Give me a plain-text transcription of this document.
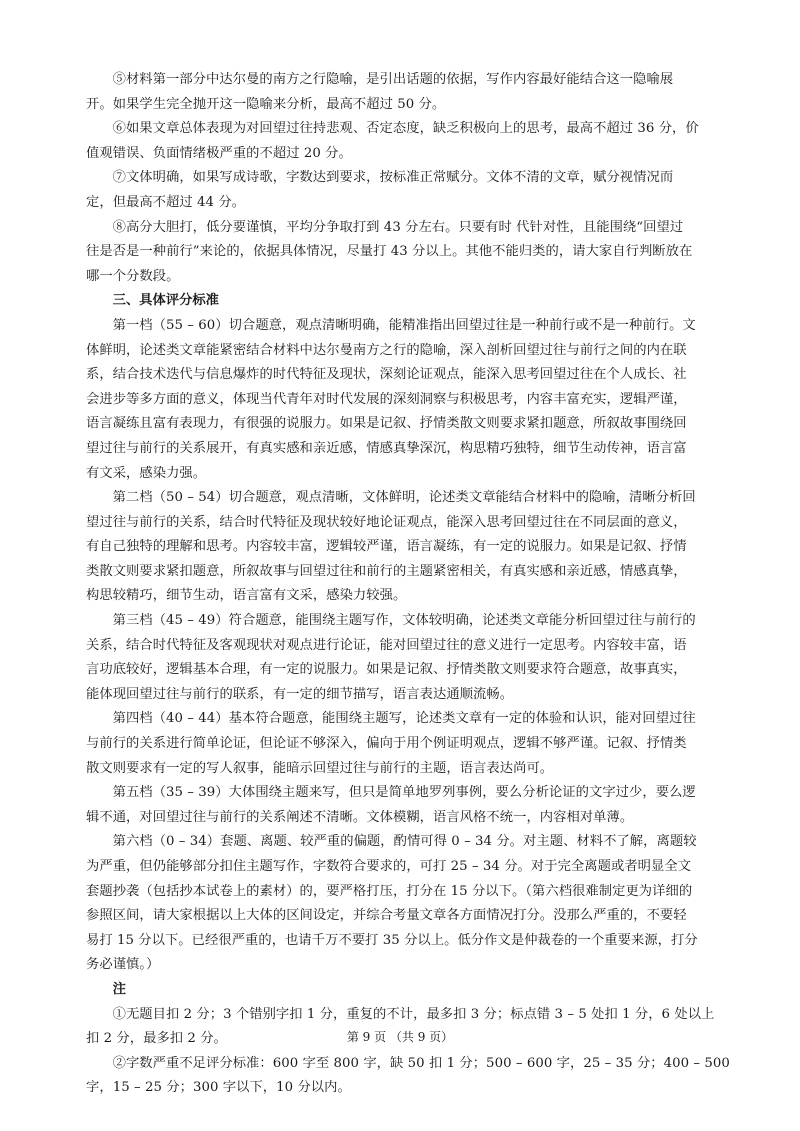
⑤材料第一部分中达尔曼的南方之行隐喻，是引出话题的依据，写作内容最好能结合这一隐喻展
开。如果学生完全抛开这一隐喻来分析，最高不超过 50 分。

⑥如果文章总体表现为对回望过往持悲观、否定态度，缺乏积极向上的思考，最高不超过 36 分，价
值观错误、负面情绪极严重的不超过 20 分。

⑦文体明确，如果写成诗歌，字数达到要求，按标准正常赋分。文体不清的文章，赋分视情况而
定，但最高不超过 44 分。

⑧高分大胆打，低分要谨慎，平均分争取打到 43 分左右。只要有时 代针对性，且能围绕“回望过
往是否是一种前行”来论的，依据具体情况，尽量打 43 分以上。其他不能归类的，请大家自行判断放在
哪一个分数段。

三、具体评分标准

第一档（55 – 60）切合题意，观点清晰明确，能精准指出回望过往是一种前行或不是一种前行。文
体鲜明，论述类文章能紧密结合材料中达尔曼南方之行的隐喻，深入剖析回望过往与前行之间的内在联
系，结合技术迭代与信息爆炸的时代特征及现状，深刻论证观点，能深入思考回望过往在个人成长、社
会进步等多方面的意义，体现当代青年对时代发展的深刻洞察与积极思考，内容丰富充实，逻辑严谨，
语言凝练且富有表现力，有很强的说服力。如果是记叙、抒情类散文则要求紧扣题意，所叙故事围绕回
望过往与前行的关系展开，有真实感和亲近感，情感真挚深沉，构思精巧独特，细节生动传神，语言富
有文采，感染力强。

第二档（50 – 54）切合题意，观点清晰，文体鲜明，论述类文章能结合材料中的隐喻，清晰分析回
望过往与前行的关系，结合时代特征及现状较好地论证观点，能深入思考回望过往在不同层面的意义，
有自己独特的理解和思考。内容较丰富，逻辑较严谨，语言凝练，有一定的说服力。如果是记叙、抒情
类散文则要求紧扣题意，所叙故事与回望过往和前行的主题紧密相关，有真实感和亲近感，情感真挚，
构思较精巧，细节生动，语言富有文采，感染力较强。

第三档（45 – 49）符合题意，能围绕主题写作，文体较明确，论述类文章能分析回望过往与前行的
关系，结合时代特征及客观现状对观点进行论证，能对回望过往的意义进行一定思考。内容较丰富，语
言功底较好，逻辑基本合理，有一定的说服力。如果是记叙、抒情类散文则要求符合题意，故事真实，
能体现回望过往与前行的联系，有一定的细节描写，语言表达通顺流畅。

第四档（40 – 44）基本符合题意，能围绕主题写，论述类文章有一定的体验和认识，能对回望过往
与前行的关系进行简单论证，但论证不够深入，偏向于用个例证明观点，逻辑不够严谨。记叙、抒情类
散文则要求有一定的写人叙事，能暗示回望过往与前行的主题，语言表达尚可。

第五档（35 – 39）大体围绕主题来写，但只是简单地罗列事例，要么分析论证的文字过少，要么逻
辑不通，对回望过往与前行的关系阐述不清晰。文体模糊，语言风格不统一，内容相对单薄。

第六档（0 – 34）套题、离题、较严重的偏题，酌情可得 0 – 34 分。对主题、材料不了解，离题较
为严重，但仍能够部分扣住主题写作，字数符合要求的，可打 25 – 34 分。对于完全离题或者明显全文
套题抄袭（包括抄本试卷上的素材）的，要严格打压，打分在 15 分以下。（第六档很难制定更为详细的
参照区间，请大家根据以上大体的区间设定，并综合考量文章各方面情况打分。没那么严重的，不要轻
易打 15 分以下。已经很严重的，也请千万不要打 35 分以上。低分作文是仲裁卷的一个重要来源，打分
务必谨慎。）

注

①无题目扣 2 分；3 个错别字扣 1 分，重复的不计，最多扣 3 分；标点错 3 – 5 处扣 1 分，6 处以上
扣 2 分，最多扣 2 分。

②字数严重不足评分标准：600 字至 800 字，缺 50 扣 1 分；500 – 600 字，25 – 35 分；400 – 500
字，15 – 25 分；300 字以下，10 分以内。

第 9 页 （共 9 页）
